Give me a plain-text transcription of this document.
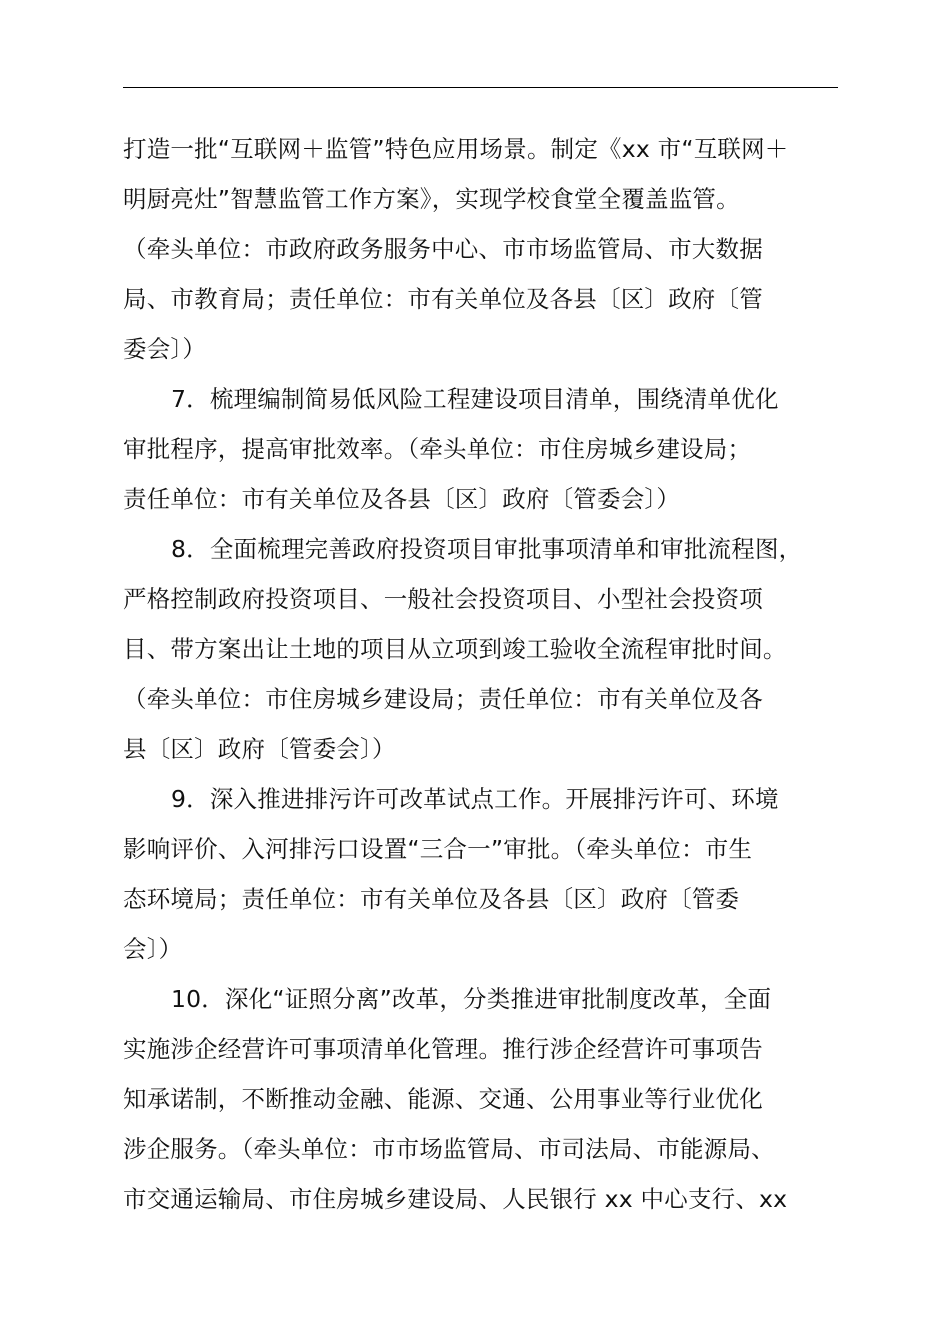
打造一批“互联网＋监管”特色应用场景。制定《xx 市“互联网＋
明厨亮灶”智慧监管工作方案》，实现学校食堂全覆盖监管。
（牵头单位：市政府政务服务中心、市市场监管局、市大数据
局、市教育局；责任单位：市有关单位及各县〔区〕政府〔管
委会〕）
7．梳理编制简易低风险工程建设项目清单，围绕清单优化
审批程序，提高审批效率。（牵头单位：市住房城乡建设局；
责任单位：市有关单位及各县〔区〕政府〔管委会〕）
8．全面梳理完善政府投资项目审批事项清单和审批流程图，
严格控制政府投资项目、一般社会投资项目、小型社会投资项
目、带方案出让土地的项目从立项到竣工验收全流程审批时间。
（牵头单位：市住房城乡建设局；责任单位：市有关单位及各
县〔区〕政府〔管委会〕）
9．深入推进排污许可改革试点工作。开展排污许可、环境
影响评价、入河排污口设置“三合一”审批。（牵头单位：市生
态环境局；责任单位：市有关单位及各县〔区〕政府〔管委
会〕）
10．深化“证照分离”改革，分类推进审批制度改革，全面
实施涉企经营许可事项清单化管理。推行涉企经营许可事项告
知承诺制，不断推动金融、能源、交通、公用事业等行业优化
涉企服务。（牵头单位：市市场监管局、市司法局、市能源局、
市交通运输局、市住房城乡建设局、人民银行 xx 中心支行、xx
